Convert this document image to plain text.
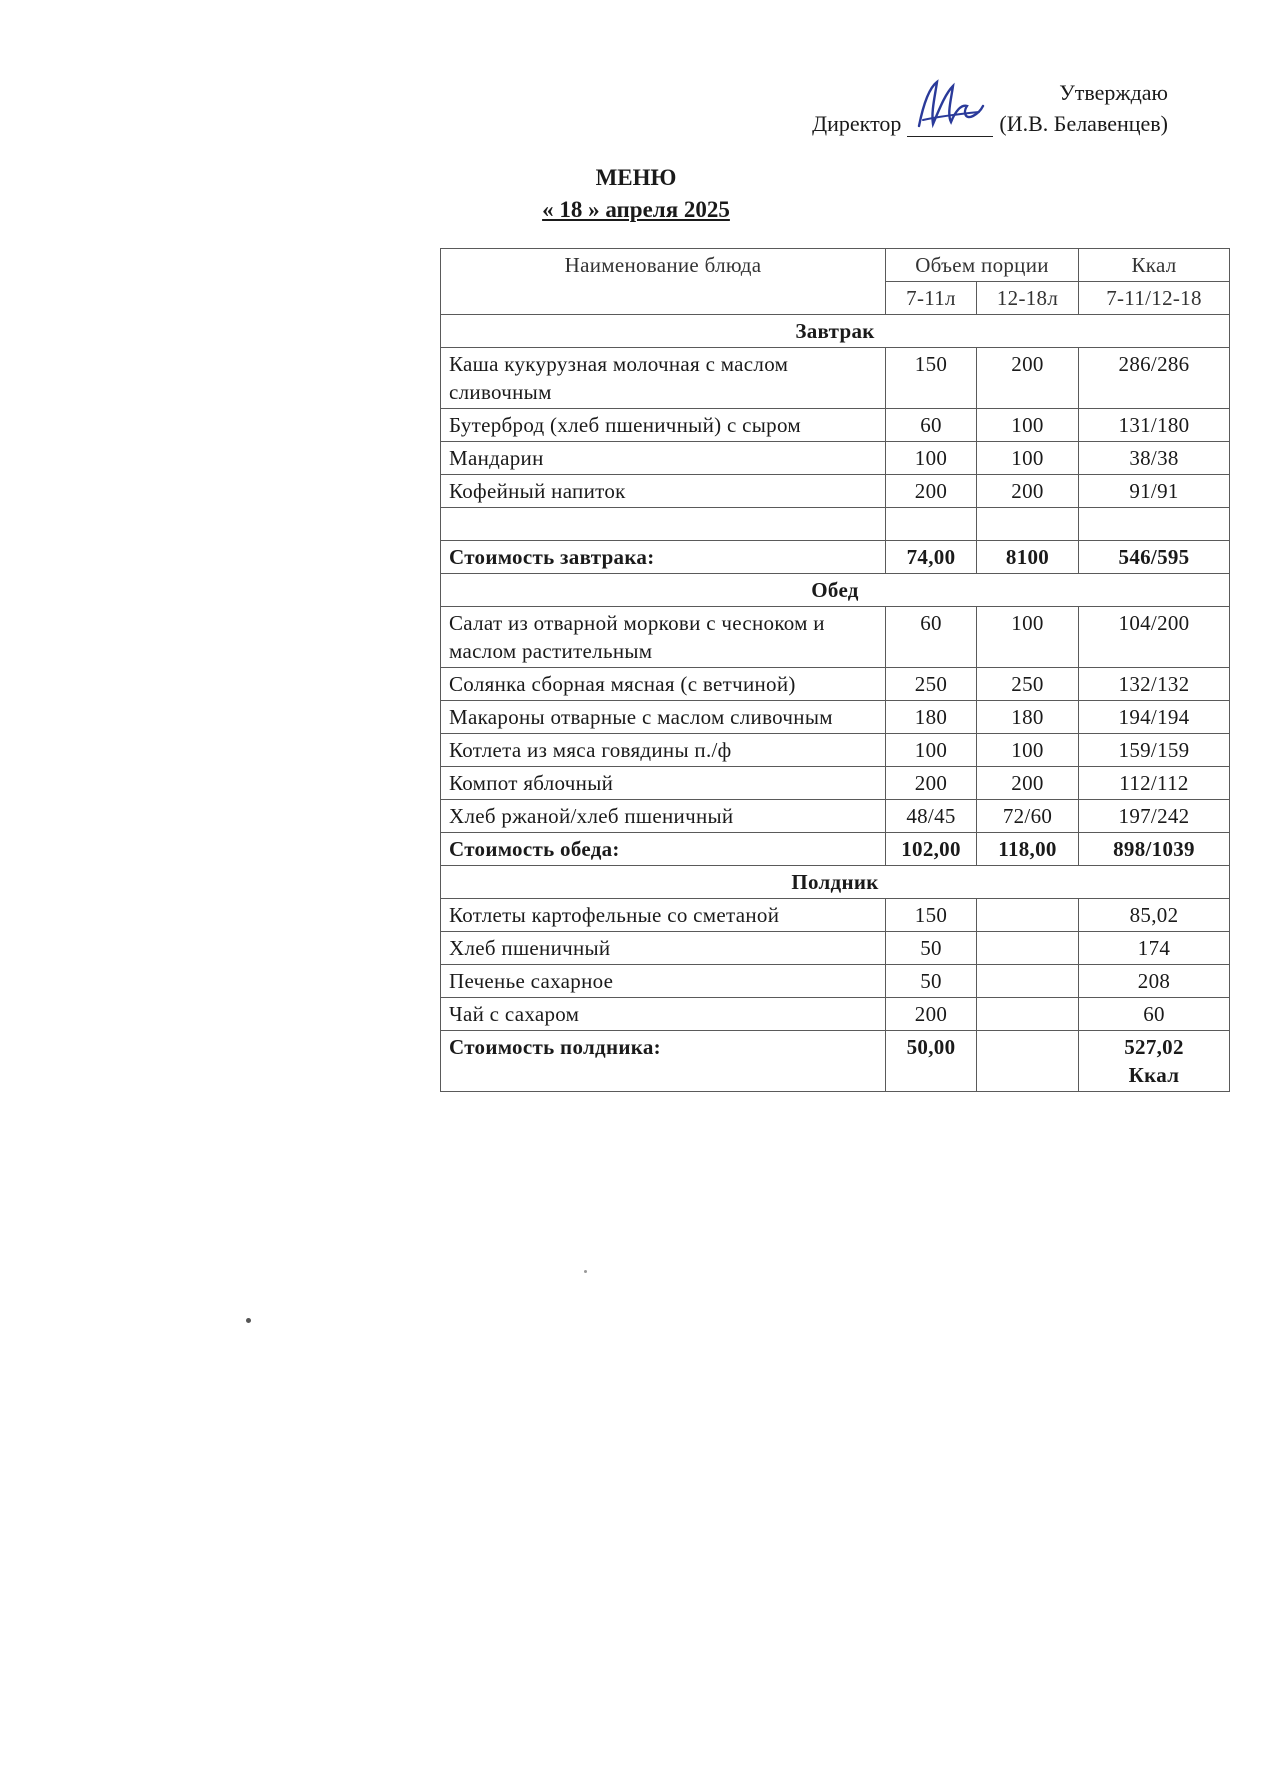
Утверждаю
Директор	(И.В. Белавенцев)
МЕНЮ
« 18 » апреля 2025
Наименование блюда	Объем порции		Ккал
	7-11л	12-18л	7-11/12-18
Завтрак			
Каша кукурузная молочная с маслом сливочным	150	200	286/286
Бутерброд (хлеб пшеничный) с сыром	60	100	131/180
Мандарин	100	100	38/38
Кофейный напиток	200	200	91/91

Стоимость завтрака:	74,00	8100	546/595
Обед			
Салат из отварной моркови с чесноком и маслом растительным	60	100	104/200
Солянка сборная мясная (с ветчиной)	250	250	132/132
Макароны отварные с маслом сливочным	180	180	194/194
Котлета из мяса говядины п./ф	100	100	159/159
Компот яблочный	200	200	112/112
Хлеб ржаной/хлеб пшеничный	48/45	72/60	197/242
Стоимость обеда:	102,00	118,00	898/1039
Полдник			
Котлеты картофельные со сметаной	150		85,02
Хлеб пшеничный	50		174
Печенье сахарное	50		208
Чай с сахаром	200		60
Стоимость полдника:	50,00		527,02
Ккал
